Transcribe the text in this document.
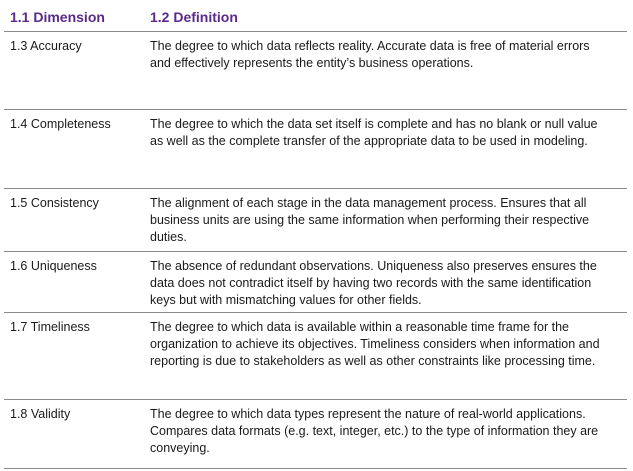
1.1 Dimension	1.2 Definition
1.3 Accuracy	The degree to which data reflects reality. Accurate data is free of material errors and effectively represents the entity’s business operations.
1.4 Completeness	The degree to which the data set itself is complete and has no blank or null value as well as the complete transfer of the appropriate data to be used in modeling.
1.5 Consistency	The alignment of each stage in the data management process. Ensures that all business units are using the same information when performing their respective duties.
1.6 Uniqueness	The absence of redundant observations. Uniqueness also preserves ensures the data does not contradict itself by having two records with the same identification keys but with mismatching values for other fields.
1.7 Timeliness	The degree to which data is available within a reasonable time frame for the organization to achieve its objectives. Timeliness considers when information and reporting is due to stakeholders as well as other constraints like processing time.
1.8 Validity	The degree to which data types represent the nature of real-world applications. Compares data formats (e.g. text, integer, etc.) to the type of information they are conveying.
